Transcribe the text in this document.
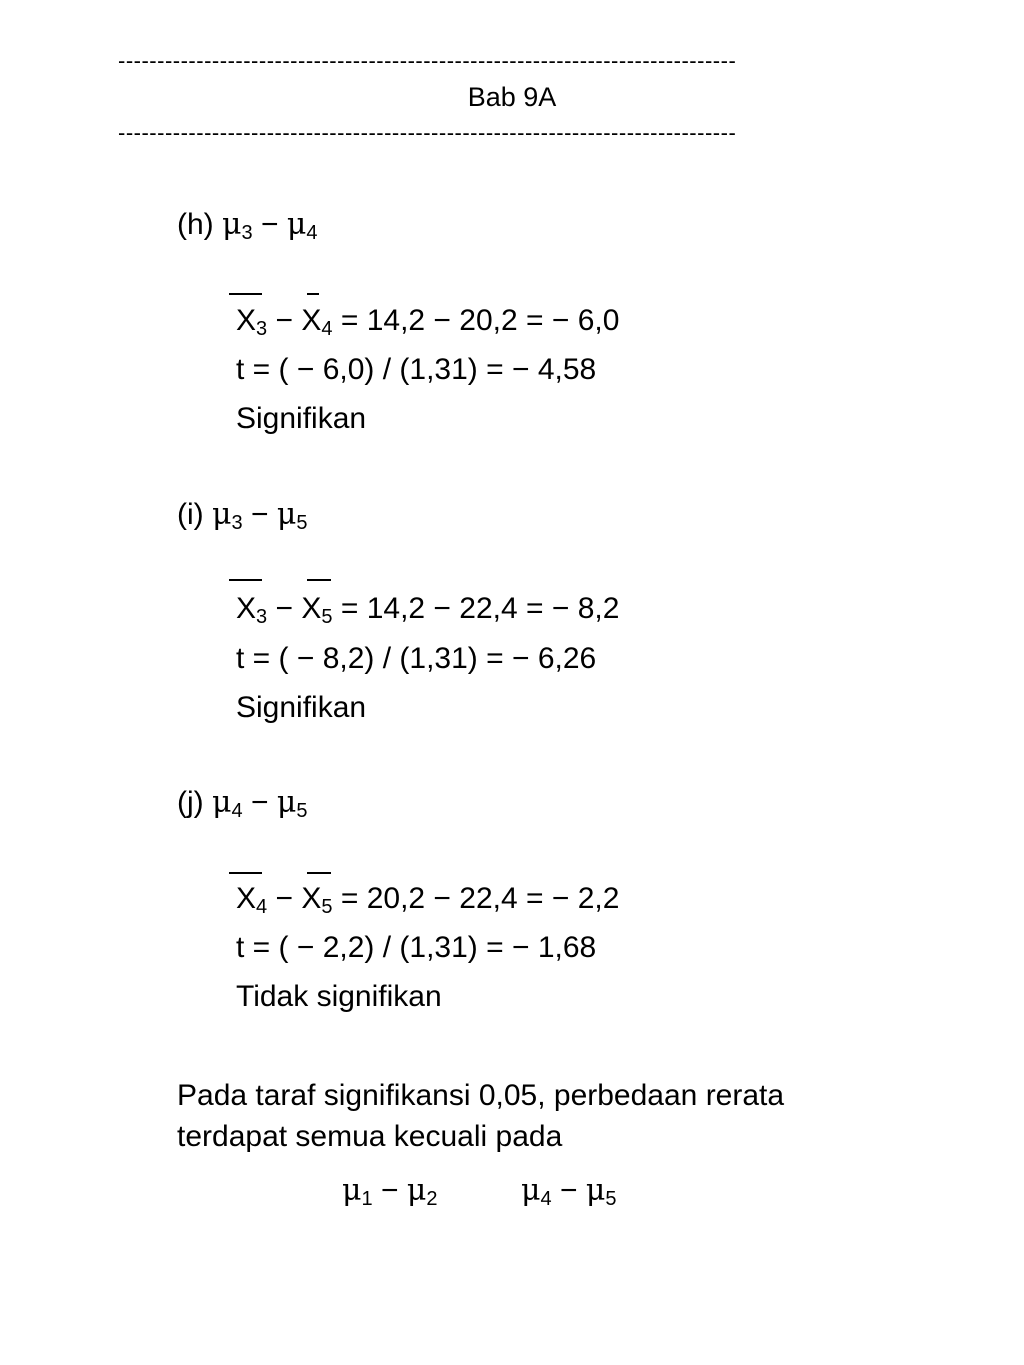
-------------------------------------------------------------------------------
Bab 9A
-------------------------------------------------------------------------------
(h) $\mu_3 - \mu_4$
$X_3 - X_4 = 14,2 - 20,2$ = − 6,0
t = ( − 6,0) / (1,31) = − 4,58
Signifikan
(i) $\mu_3 - \mu_5$
$X_3 - X_5 = 14,2 - 22,4$ = − 8,2
t = ( − 8,2) / (1,31) = − 6,26
Signifikan
(j) $\mu_4 - \mu_5$
$X_4 - X_5 = 20,2 - 22,4$ = − 2,2
t = ( − 2,2) / (1,31) = − 1,68
Tidak signifikan
Pada taraf signifikansi 0,05, perbedaan rerata
terdapat semua kecuali pada
$\mu_1 - \mu_2$	$\mu_4 - \mu_5$
